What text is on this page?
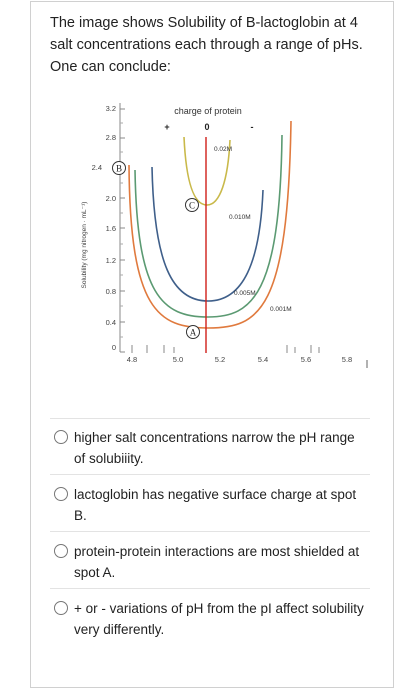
The image shows Solubility of B-lactoglobin at 4 salt concentrations each through a range of pHs. One can conclude:

3.2
2.8
2.4
2.0
1.6
1.2
0.8
0.4
0
Solubility (mg nitrogen · mL⁻¹)
4.8	5.0	5.2	5.4	5.6	5.8
charge of protein
+	0	-
0.02M
0.010M
0.005M
0.001M
B
C
A
higher salt concentrations narrow the pH range of solubiiity.
lactoglobin has negative surface charge at spot B.
protein-protein interactions are most shielded at spot A.
+ or - variations of pH from the pI affect solubility very differently.
